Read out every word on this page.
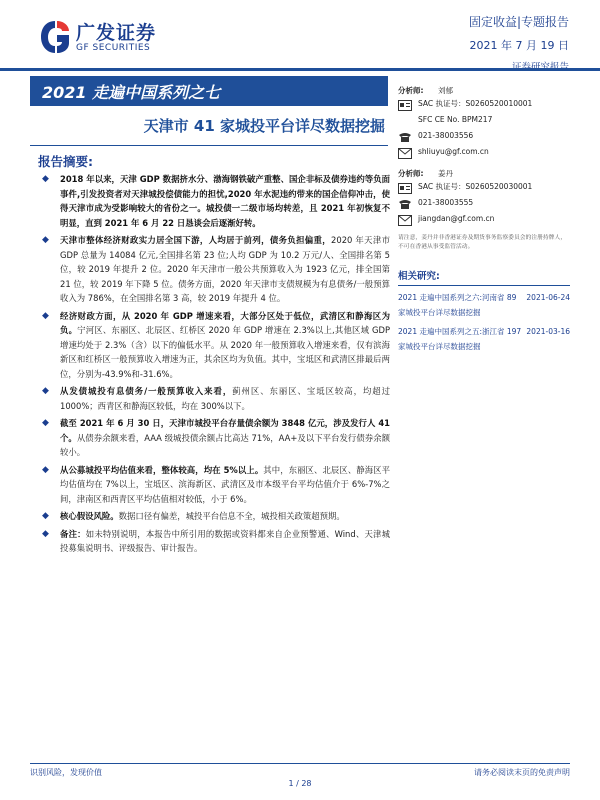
广发证券
GF SECURITIES
固定收益|专题报告
2021 年 7 月 19 日
2021 走遍中国系列之七
天津市 41 家城投平台详尽数据挖掘
报告摘要:
◆ 2018 年以来，天津 GDP 数据挤水分、渤海钢铁破产重整、国企非标及债券违约等负面事件,引发投资者对天津城投偿债能力的担忧,2020 年水泥违约带来的国企信仰冲击，使得天津市成为受影响较大的省份之一。城投债一二级市场均转差，且 2021 年初恢复不明显，直到 2021 年 6 月 22 日恳谈会后逐渐好转。
◆ 天津市整体经济财政实力居全国下游，人均居于前列，债务负担偏重，2020 年天津市 GDP 总量为 14084 亿元,全国排名第 23 位;人均 GDP 为 10.2 万元/人、全国排名第 5 位，较 2019 年提升 2 位。2020 年天津市一般公共预算收入为 1923 亿元，排全国第 21 位，较 2019 年下降 5 位。债务方面，2020 年天津市支债规模为有息债务/一般预算收入为 786%，在全国排名第 3 高，较 2019 年提升 4 位。
◆ 经济财政方面，从 2020 年 GDP 增速来看，大部分区处于低位，武清区和静海区为负。宁河区、东丽区、北辰区、红桥区 2020 年 GDP 增速在 2.3%以上,其他区域 GDP 增速均处于 2.3%（含）以下的偏低水平。从 2020 年一般预算收入增速来看，仅有滨海新区和红桥区一般预算收入增速为正，其余区均为负值。其中，宝坻区和武清区排最后两位，分别为-43.9%和-31.6%。
◆ 从发债城投有息债务/一般预算收入来看，蓟州区、东丽区、宝坻区较高，均超过 1000%；西青区和静海区较低，均在 300%以下。
◆ 截至 2021 年 6 月 30 日，天津市城投平台存量债余额为 3848 亿元，涉及发行人 41 个。从债券余额来看，AAA 级城投债余额占比高达 71%，AA+及以下平台发行债券余额较小。
◆ 从公募城投平均估值来看，整体较高，均在 5%以上。其中，东丽区、北辰区、静海区平均估值均在 7%以上，宝坻区、滨海新区、武清区及市本级平台平均估值介于 6%-7%之间，津南区和西青区平均估值相对较低，小于 6%。
◆ 核心假设风险。数据口径有偏差，城投平台信息不全，城投相关政策超预期。
◆ 备注：如未特别说明，本报告中所引用的数据或资料都来自企业预警通、Wind、天津城投募集说明书、评级报告、审计报告。
分析师:	刘郁
SAC 执证号：S0260520010001
SFC CE No. BPM217
021-38003556
shliuyu@gf.com.cn
分析师:	姜丹
SAC 执证号：S0260520030001
021-38003555
jiangdan@gf.com.cn
请注意，姜丹并非香港证券及期货事务监察委员会的注册持牌人，不可在香港从事受监管活动。
相关研究:
2021 走遍中国系列之六:河南省 89 家城投平台详尽数据挖掘
2021-06-24
2021 走遍中国系列之五:浙江省 197 家城投平台详尽数据挖掘
2021-03-16
识别风险，发现价值	请务必阅读末页的免责声明
1 / 28
